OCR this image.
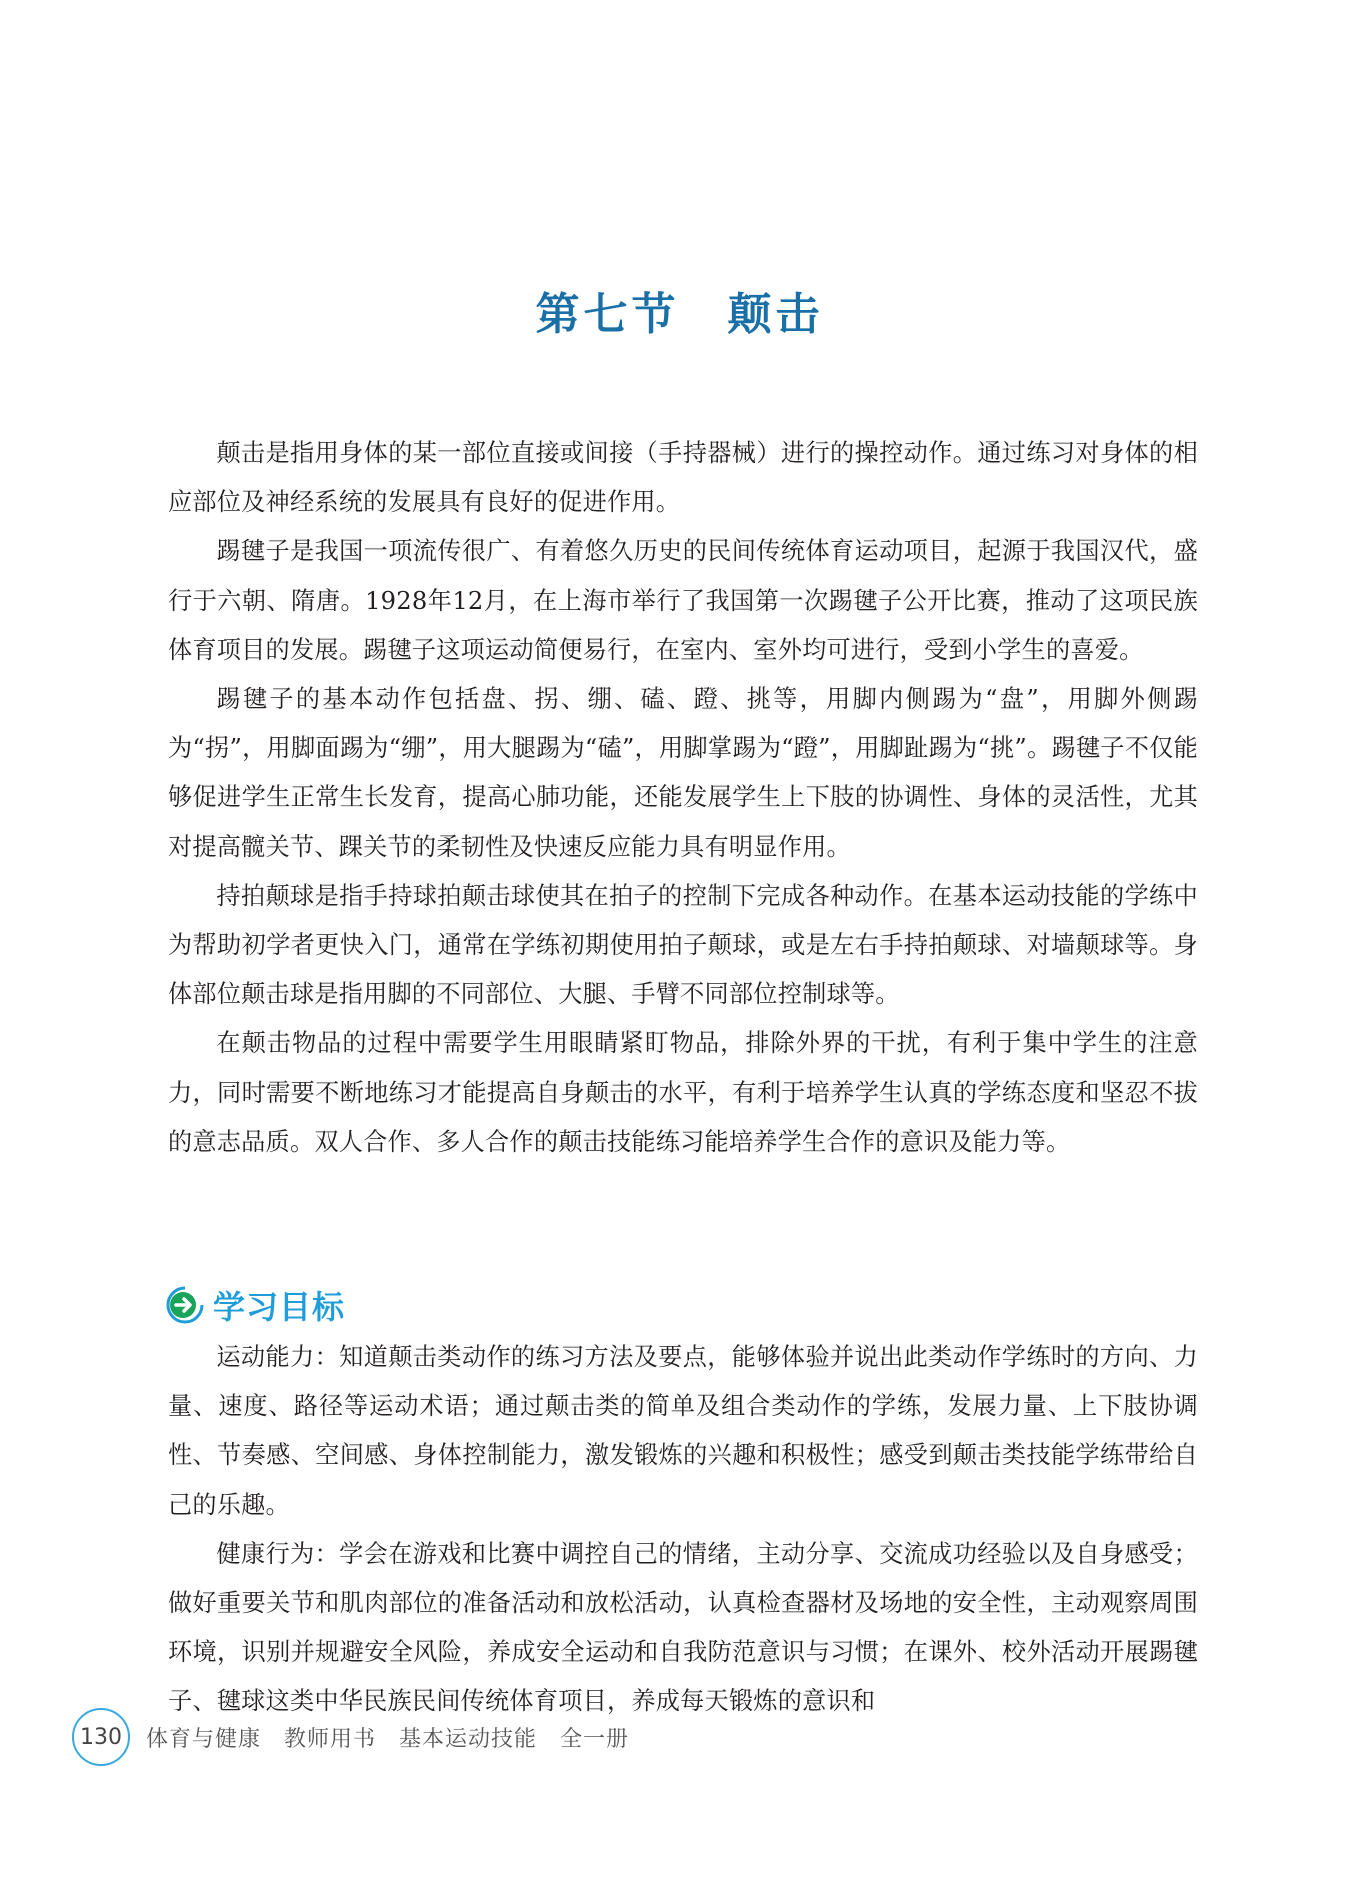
第七节　颠击

颠击是指用身体的某一部位直接或间接（手持器械）进行的操控动作。通过练习对身体的相应部位及神经系统的发展具有良好的促进作用。

踢毽子是我国一项流传很广、有着悠久历史的民间传统体育运动项目，起源于我国汉代，盛行于六朝、隋唐。1928年12月，在上海市举行了我国第一次踢毽子公开比赛，推动了这项民族体育项目的发展。踢毽子这项运动简便易行，在室内、室外均可进行，受到小学生的喜爱。

踢毽子的基本动作包括盘、拐、绷、磕、蹬、挑等，用脚内侧踢为“盘”，用脚外侧踢为“拐”，用脚面踢为“绷”，用大腿踢为“磕”，用脚掌踢为“蹬”，用脚趾踢为“挑”。踢毽子不仅能够促进学生正常生长发育，提高心肺功能，还能发展学生上下肢的协调性、身体的灵活性，尤其对提高髋关节、踝关节的柔韧性及快速反应能力具有明显作用。

持拍颠球是指手持球拍颠击球使其在拍子的控制下完成各种动作。在基本运动技能的学练中为帮助初学者更快入门，通常在学练初期使用拍子颠球，或是左右手持拍颠球、对墙颠球等。身体部位颠击球是指用脚的不同部位、大腿、手臂不同部位控制球等。

在颠击物品的过程中需要学生用眼睛紧盯物品，排除外界的干扰，有利于集中学生的注意力，同时需要不断地练习才能提高自身颠击的水平，有利于培养学生认真的学练态度和坚忍不拔的意志品质。双人合作、多人合作的颠击技能练习能培养学生合作的意识及能力等。

学习目标

运动能力：知道颠击类动作的练习方法及要点，能够体验并说出此类动作学练时的方向、力量、速度、路径等运动术语；通过颠击类的简单及组合类动作的学练，发展力量、上下肢协调性、节奏感、空间感、身体控制能力，激发锻炼的兴趣和积极性；感受到颠击类技能学练带给自己的乐趣。

健康行为：学会在游戏和比赛中调控自己的情绪，主动分享、交流成功经验以及自身感受；做好重要关节和肌肉部位的准备活动和放松活动，认真检查器材及场地的安全性，主动观察周围环境，识别并规避安全风险，养成安全运动和自我防范意识与习惯；在课外、校外活动开展踢毽子、毽球这类中华民族民间传统体育项目，养成每天锻炼的意识和

130	体育与健康　教师用书　基本运动技能　全一册
